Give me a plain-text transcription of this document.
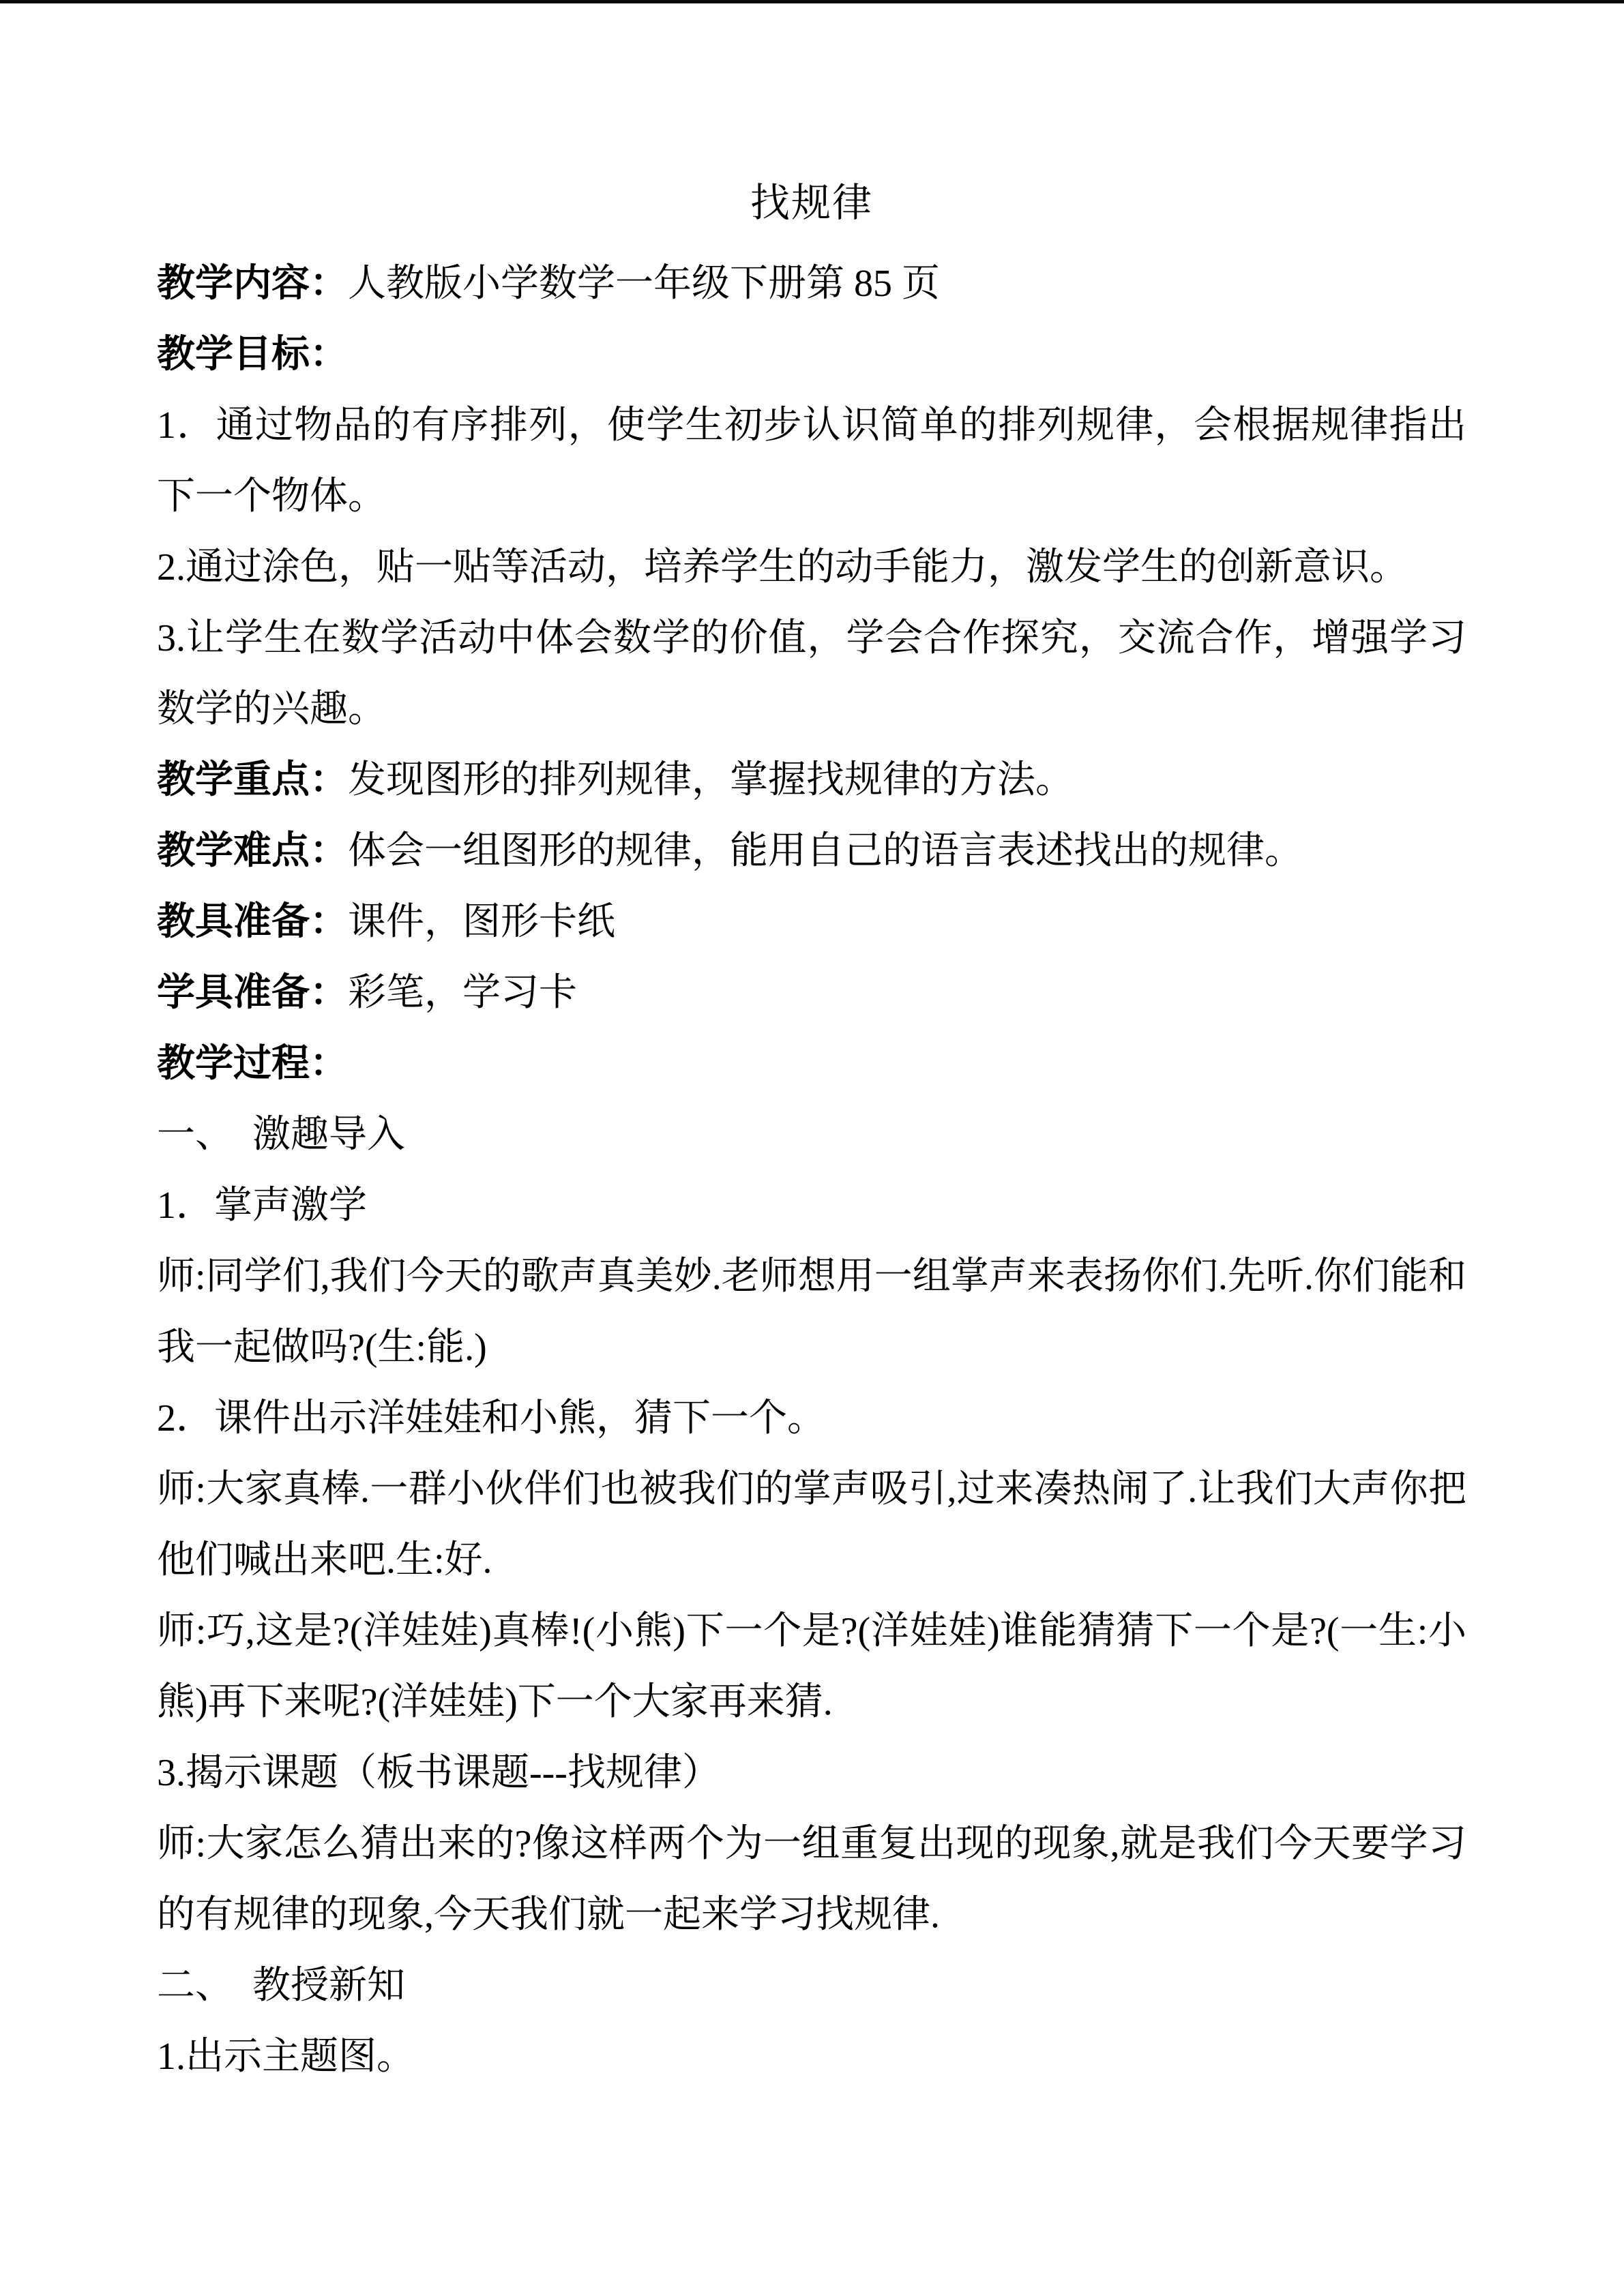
找规律

教学内容：人教版小学数学一年级下册第 85 页

教学目标：

1．通过物品的有序排列，使学生初步认识简单的排列规律，会根据规律指出下一个物体。

2.通过涂色，贴一贴等活动，培养学生的动手能力，激发学生的创新意识。

3.让学生在数学活动中体会数学的价值，学会合作探究，交流合作，增强学习数学的兴趣。

教学重点：发现图形的排列规律，掌握找规律的方法。

教学难点：体会一组图形的规律，能用自己的语言表述找出的规律。

教具准备：课件，图形卡纸

学具准备：彩笔，学习卡

教学过程：

一、　激趣导入

1．掌声激学

师:同学们,我们今天的歌声真美妙.老师想用一组掌声来表扬你们.先听.你们能和我一起做吗?(生:能.)

2．课件出示洋娃娃和小熊，猜下一个。

师:大家真棒.一群小伙伴们也被我们的掌声吸引,过来凑热闹了.让我们大声你把他们喊出来吧.生:好.

师:巧,这是?(洋娃娃)真棒!(小熊)下一个是?(洋娃娃)谁能猜猜下一个是?(一生:小熊)再下来呢?(洋娃娃)下一个大家再来猜.

3.揭示课题（板书课题---找规律）

师:大家怎么猜出来的?像这样两个为一组重复出现的现象,就是我们今天要学习的有规律的现象,今天我们就一起来学习找规律.

二、　教授新知

1.出示主题图。
